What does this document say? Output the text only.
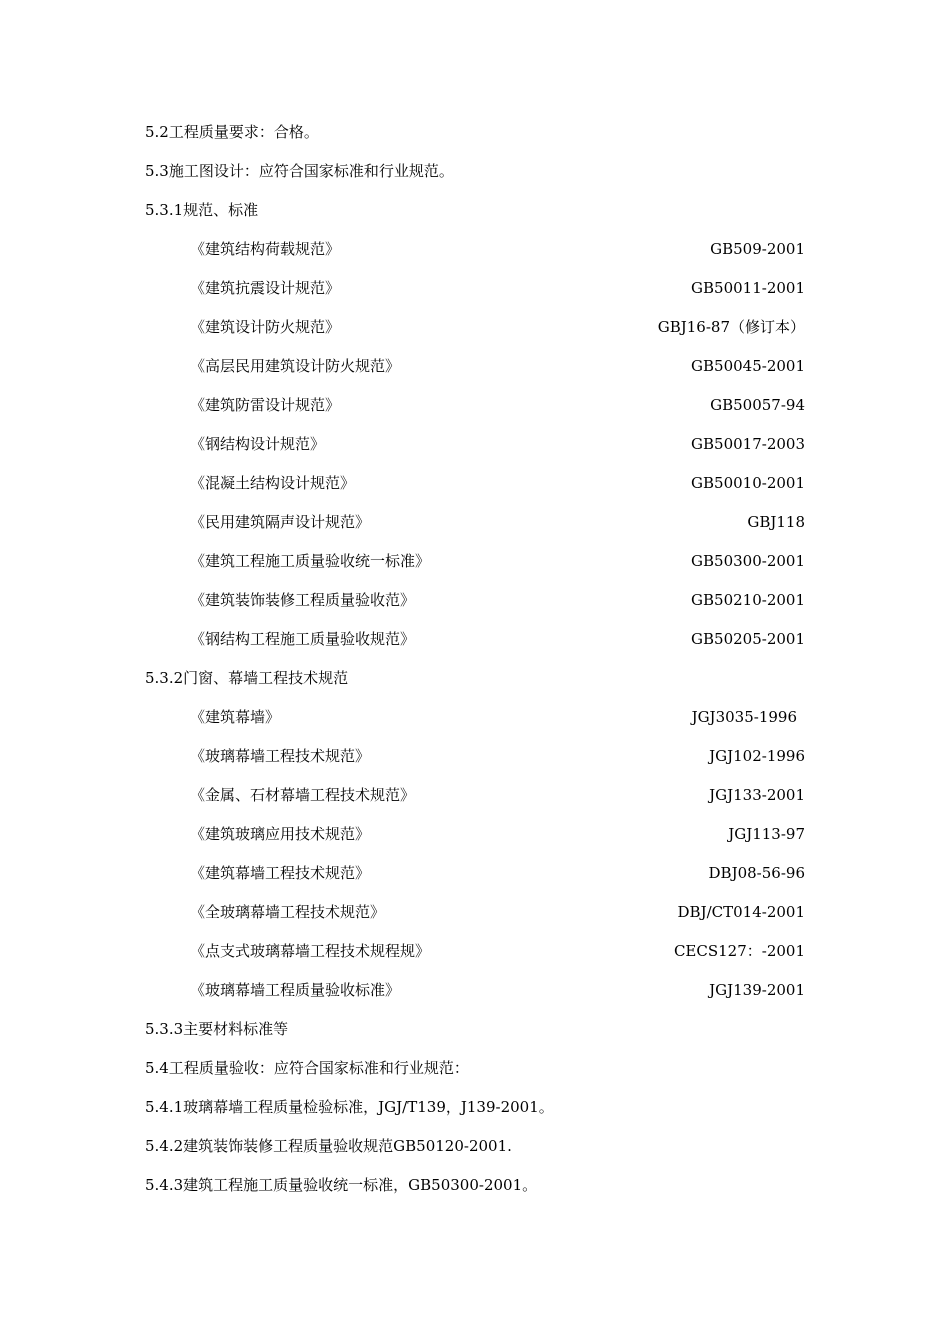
5.2工程质量要求：合格。
5.3施工图设计：应符合国家标准和行业规范。
5.3.1规范、标准
《建筑结构荷载规范》	GB509-2001
《建筑抗震设计规范》	GB50011-2001
《建筑设计防火规范》	GBJ16-87（修订本）
《高层民用建筑设计防火规范》	GB50045-2001
《建筑防雷设计规范》	GB50057-94
《钢结构设计规范》	GB50017-2003
《混凝土结构设计规范》	GB50010-2001
《民用建筑隔声设计规范》	GBJ118
《建筑工程施工质量验收统一标准》	GB50300-2001
《建筑装饰装修工程质量验收范》	GB50210-2001
《钢结构工程施工质量验收规范》	GB50205-2001
5.3.2门窗、幕墙工程技术规范
《建筑幕墙》	JGJ3035-1996
《玻璃幕墙工程技术规范》	JGJ102-1996
《金属、石材幕墙工程技术规范》	JGJ133-2001
《建筑玻璃应用技术规范》	JGJ113-97
《建筑幕墙工程技术规范》	DBJ08-56-96
《全玻璃幕墙工程技术规范》	DBJ/CT014-2001
《点支式玻璃幕墙工程技术规程规》	CECS127：-2001
《玻璃幕墙工程质量验收标准》	JGJ139-2001
5.3.3主要材料标准等
5.4工程质量验收：应符合国家标准和行业规范：
5.4.1玻璃幕墙工程质量检验标准，JGJ/T139，J139-2001。
5.4.2建筑装饰装修工程质量验收规范GB50120-2001.
5.4.3建筑工程施工质量验收统一标准，GB50300-2001。
